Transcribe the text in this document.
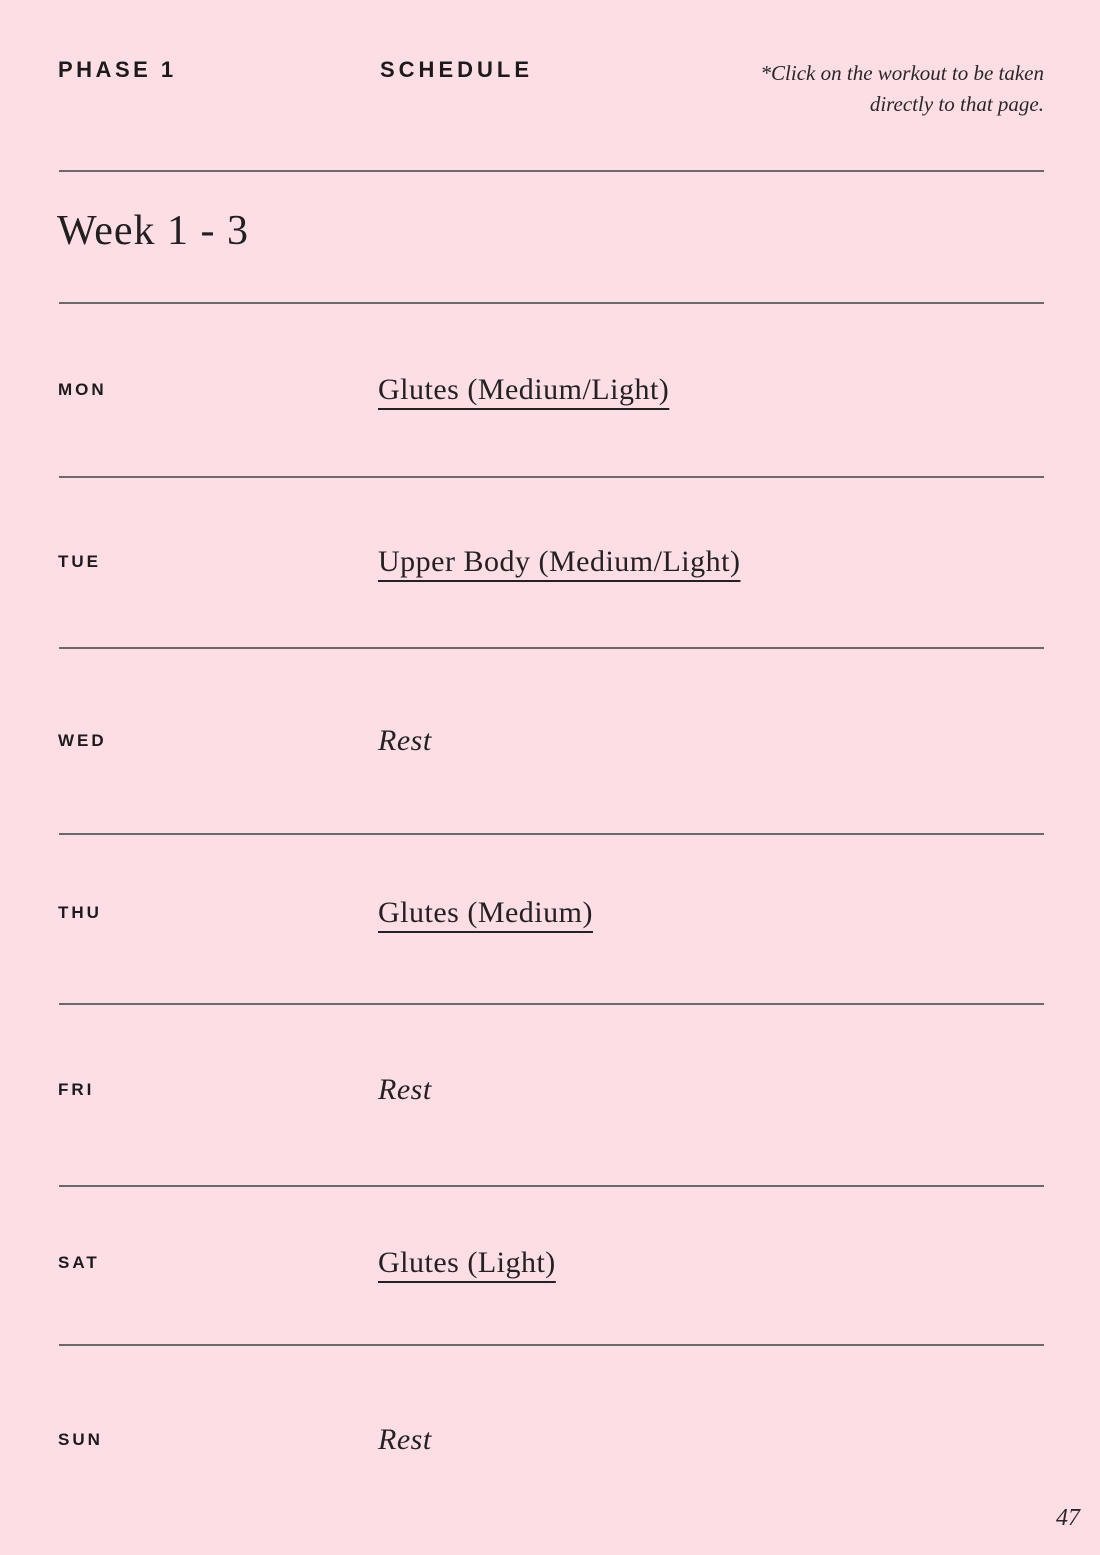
PHASE 1	SCHEDULE	*Click on the workout to be taken
directly to that page.
Week 1 - 3
MON	Glutes (Medium/Light)
TUE	Upper Body (Medium/Light)
WED	Rest
THU	Glutes (Medium)
FRI	Rest
SAT	Glutes (Light)
SUN	Rest
47
